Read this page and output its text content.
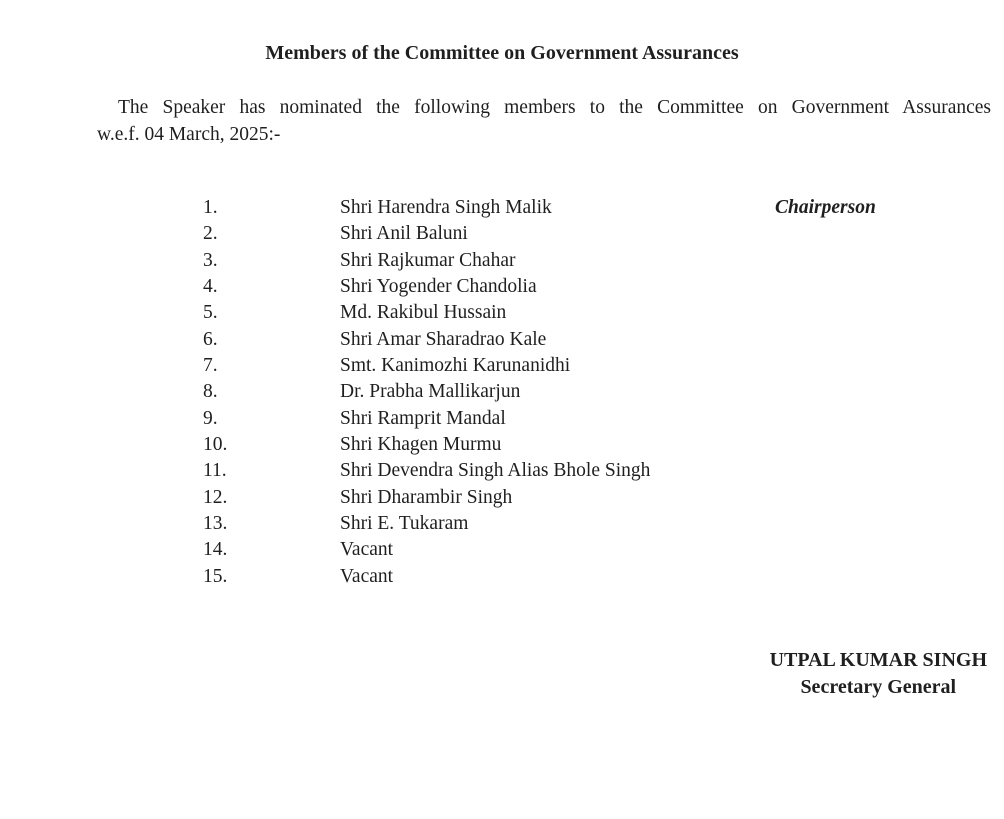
Members of the Committee on Government Assurances
The Speaker has nominated the following members to the Committee on Government Assurances
w.e.f. 04 March, 2025:-
1.	Shri Harendra Singh Malik	Chairperson
2.	Shri Anil Baluni
3.	Shri Rajkumar Chahar
4.	Shri Yogender Chandolia
5.	Md. Rakibul Hussain
6.	Shri Amar Sharadrao Kale
7.	Smt. Kanimozhi Karunanidhi
8.	Dr. Prabha Mallikarjun
9.	Shri Ramprit Mandal
10.	Shri Khagen Murmu
11.	Shri Devendra Singh Alias Bhole Singh
12.	Shri Dharambir Singh
13.	Shri E. Tukaram
14.	Vacant
15.	Vacant
UTPAL KUMAR SINGH
Secretary General
